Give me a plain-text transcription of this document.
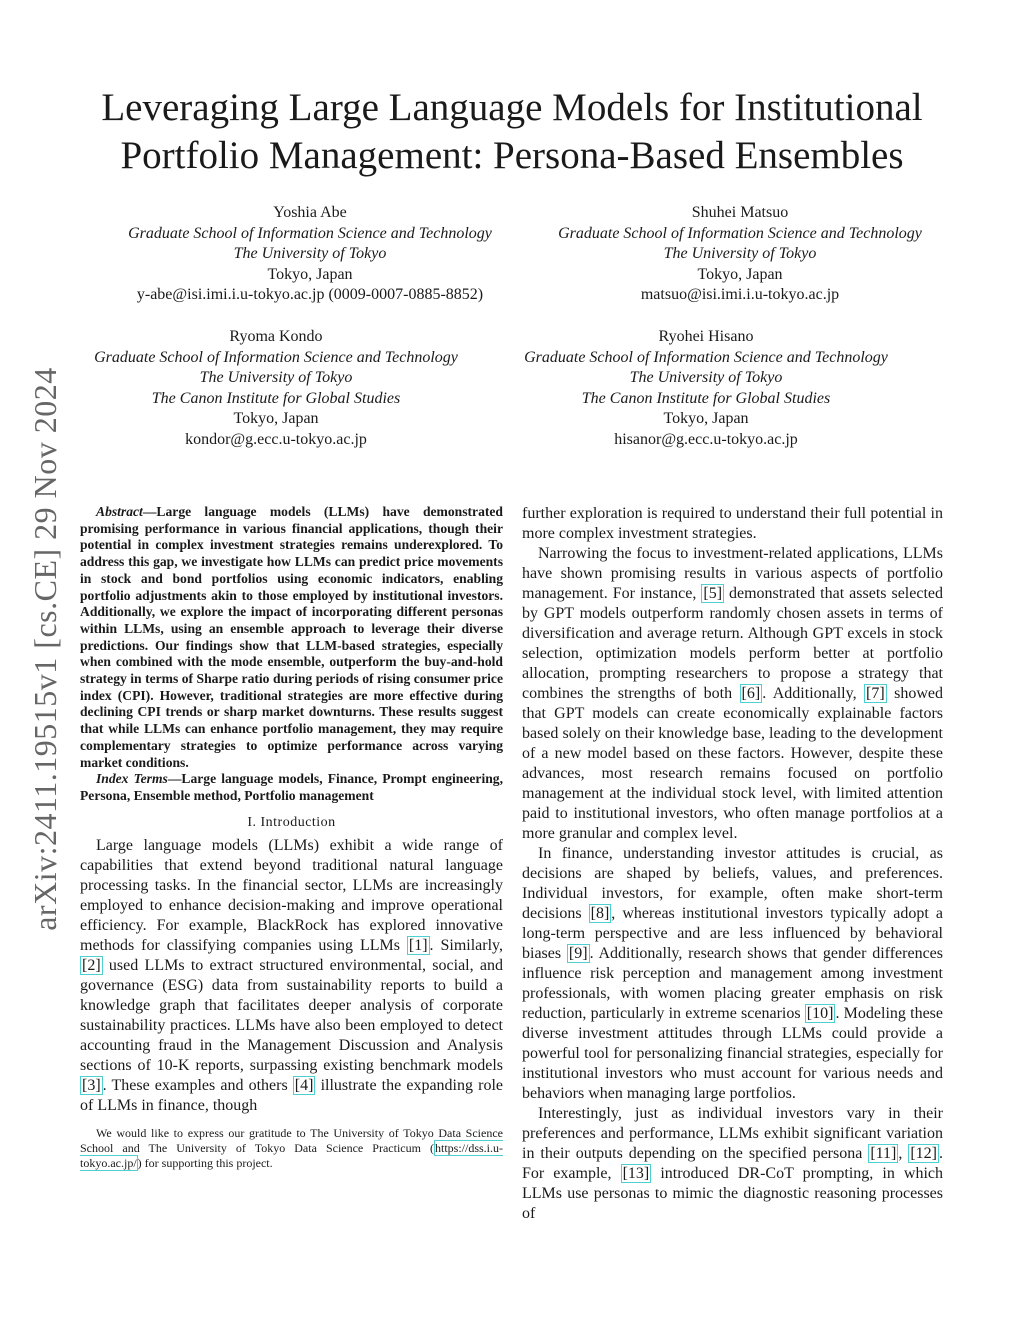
arXiv:2411.19515v1 [cs.CE] 29 Nov 2024
Leveraging Large Language Models for Institutional
Portfolio Management: Persona-Based Ensembles
Yoshia Abe
Graduate School of Information Science and Technology
The University of Tokyo
Tokyo, Japan
y-abe@isi.imi.i.u-tokyo.ac.jp (0009-0007-0885-8852)
Shuhei Matsuo
Graduate School of Information Science and Technology
The University of Tokyo
Tokyo, Japan
matsuo@isi.imi.i.u-tokyo.ac.jp
Ryoma Kondo
Graduate School of Information Science and Technology
The University of Tokyo
The Canon Institute for Global Studies
Tokyo, Japan
kondor@g.ecc.u-tokyo.ac.jp
Ryohei Hisano
Graduate School of Information Science and Technology
The University of Tokyo
The Canon Institute for Global Studies
Tokyo, Japan
hisanor@g.ecc.u-tokyo.ac.jp

Abstract—Large language models (LLMs) have demonstrated promising performance in various financial applications, though their potential in complex investment strategies remains underexplored. To address this gap, we investigate how LLMs can predict price movements in stock and bond portfolios using economic indicators, enabling portfolio adjustments akin to those employed by institutional investors. Additionally, we explore the impact of incorporating different personas within LLMs, using an ensemble approach to leverage their diverse predictions. Our findings show that LLM-based strategies, especially when combined with the mode ensemble, outperform the buy-and-hold strategy in terms of Sharpe ratio during periods of rising consumer price index (CPI). However, traditional strategies are more effective during declining CPI trends or sharp market downturns. These results suggest that while LLMs can enhance portfolio management, they may require complementary strategies to optimize performance across varying market conditions.

Index Terms—Large language models, Finance, Prompt engineering, Persona, Ensemble method, Portfolio management

I. Introduction

Large language models (LLMs) exhibit a wide range of capabilities that extend beyond traditional natural language processing tasks. In the financial sector, LLMs are increasingly employed to enhance decision-making and improve operational efficiency. For example, BlackRock has explored innovative methods for classifying companies using LLMs [1] . Similarly, [2] used LLMs to extract structured environmental, social, and governance (ESG) data from sustainability reports to build a knowledge graph that facilitates deeper analysis of corporate sustainability practices. LLMs have also been employed to detect accounting fraud in the Management Discussion and Analysis sections of 10-K reports, surpassing existing benchmark models [3] . These examples and others [4] illustrate the expanding role of LLMs in finance, though

We would like to express our gratitude to The University of Tokyo Data Science School and The University of Tokyo Data Science Practicum (https://dss.i.u-tokyo.ac.jp/) for supporting this project.

further exploration is required to understand their full potential in more complex investment strategies.

Narrowing the focus to investment-related applications, LLMs have shown promising results in various aspects of portfolio management. For instance, [5] demonstrated that assets selected by GPT models outperform randomly chosen assets in terms of diversification and average return. Although GPT excels in stock selection, optimization models perform better at portfolio allocation, prompting researchers to propose a strategy that combines the strengths of both [6] . Additionally, [7] showed that GPT models can create economically explainable factors based solely on their knowledge base, leading to the development of a new model based on these factors. However, despite these advances, most research remains focused on portfolio management at the individual stock level, with limited attention paid to institutional investors, who often manage portfolios at a more granular and complex level.

In finance, understanding investor attitudes is crucial, as decisions are shaped by beliefs, values, and preferences. Individual investors, for example, often make short-term decisions [8] , whereas institutional investors typically adopt a long-term perspective and are less influenced by behavioral biases [9] . Additionally, research shows that gender differences influence risk perception and management among investment professionals, with women placing greater emphasis on risk reduction, particularly in extreme scenarios [10] . Modeling these diverse investment attitudes through LLMs could provide a powerful tool for personalizing financial strategies, especially for institutional investors who must account for various needs and behaviors when managing large portfolios.

Interestingly, just as individual investors vary in their preferences and performance, LLMs exhibit significant variation in their outputs depending on the specified persona [11] , [12] . For example, [13] introduced DR-CoT prompting, in which LLMs use personas to mimic the diagnostic reasoning processes of
